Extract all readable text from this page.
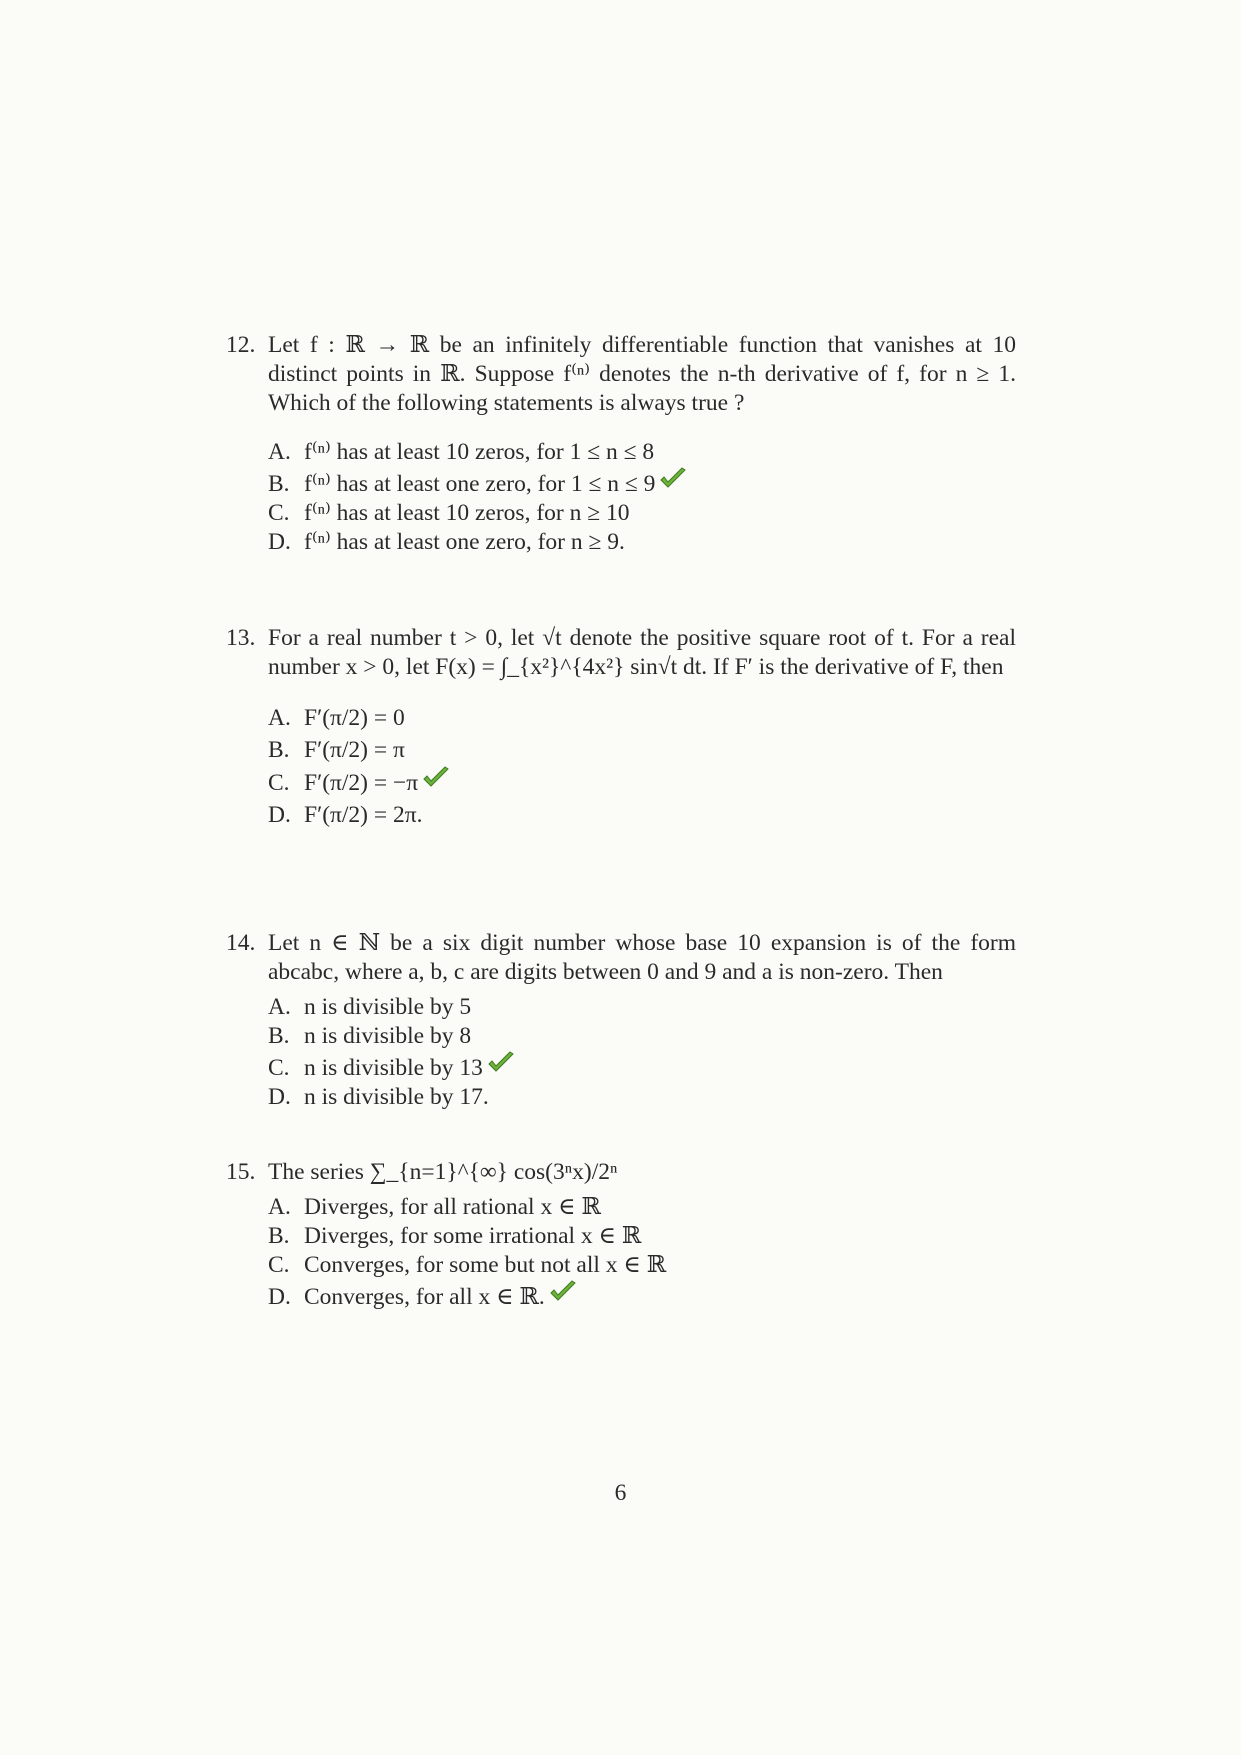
12. Let f : ℝ → ℝ be an infinitely differentiable function that vanishes at 10 distinct points in ℝ. Suppose f⁽ⁿ⁾ denotes the n-th derivative of f, for n ≥ 1. Which of the following statements is always true ?
A. f⁽ⁿ⁾ has at least 10 zeros, for 1 ≤ n ≤ 8
B. f⁽ⁿ⁾ has at least one zero, for 1 ≤ n ≤ 9
C. f⁽ⁿ⁾ has at least 10 zeros, for n ≥ 10
D. f⁽ⁿ⁾ has at least one zero, for n ≥ 9.
13. For a real number t > 0, let √t denote the positive square root of t. For a real number x > 0, let F(x) = ∫_{x²}^{4x²} sin√t dt. If F′ is the derivative of F, then
A. F′(π/2) = 0
B. F′(π/2) = π
C. F′(π/2) = −π
D. F′(π/2) = 2π.
14. Let n ∈ ℕ be a six digit number whose base 10 expansion is of the form abcabc, where a, b, c are digits between 0 and 9 and a is non-zero. Then
A. n is divisible by 5
B. n is divisible by 8
C. n is divisible by 13
D. n is divisible by 17.
15. The series ∑_{n=1}^{∞} cos(3ⁿx)/2ⁿ
A. Diverges, for all rational x ∈ ℝ
B. Diverges, for some irrational x ∈ ℝ
C. Converges, for some but not all x ∈ ℝ
D. Converges, for all x ∈ ℝ.
6
